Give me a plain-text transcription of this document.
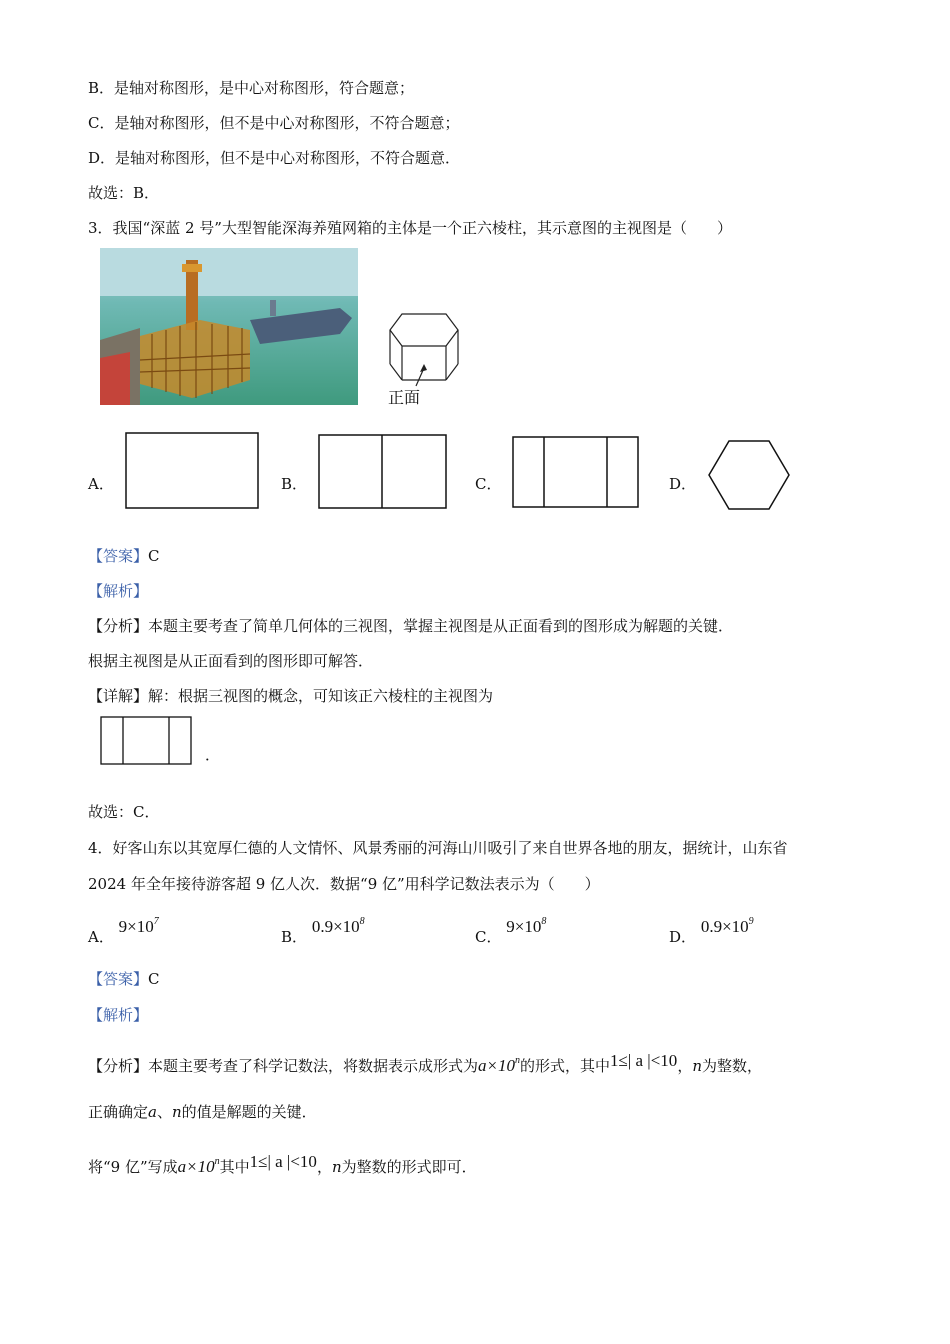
B．是轴对称图形，是中心对称图形，符合题意；
C．是轴对称图形，但不是中心对称图形，不符合题意；
D．是轴对称图形，但不是中心对称图形，不符合题意．
故选：B．
3．我国“深蓝 2 号”大型智能深海养殖网箱的主体是一个正六棱柱，其示意图的主视图是（　　）
正面
A．	B．	C．	D．
【答案】C
【解析】
【分析】本题主要考查了简单几何体的三视图，掌握主视图是从正面看到的图形成为解题的关键．
根据主视图是从正面看到的图形即可解答．
【详解】解：根据三视图的概念，可知该正六棱柱的主视图为
．
故选：C．
4．好客山东以其宽厚仁德的人文情怀、风景秀丽的河海山川吸引了来自世界各地的朋友，据统计，山东省
2024 年全年接待游客超 9 亿人次．数据“9 亿”用科学记数法表示为（　　）
A． $9\times 10^7$
B． $0.9\times 10^8$
C． $9\times 10^8$
D． $0.9\times 10^9$
【答案】C
【解析】
【分析】本题主要考查了科学记数法，将数据表示成形式为$a\times 10^n$的形式，其中1≤| a |<10，n为整数，
正确确定a、n的值是解题的关键．
将“9 亿”写成$a\times 10^n$其中1≤| a |<10，n为整数的形式即可．
